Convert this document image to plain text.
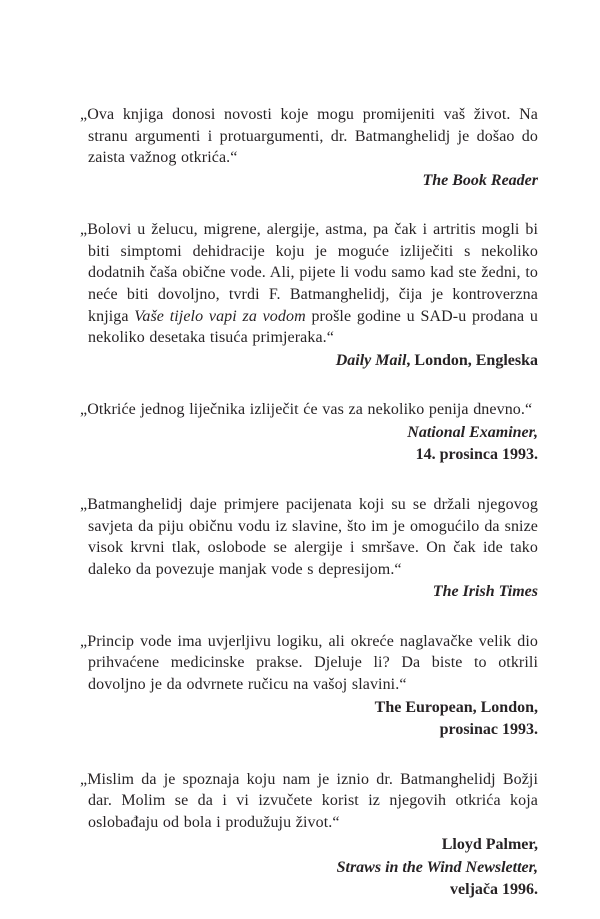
„Ova knjiga donosi novosti koje mogu promijeniti vaš život. Na stranu argumenti i protuargumenti, dr. Batmanghelidj je došao do zaista važnog otkrića.“

The Book Reader

„Bolovi u želucu, migrene, alergije, astma, pa čak i artritis mogli bi biti simptomi dehidracije koju je moguće izliječiti s nekoliko dodatnih čaša obične vode. Ali, pijete li vodu samo kad ste žedni, to neće biti dovoljno, tvrdi F. Batmanghelidj, čija je kontroverzna knjiga Vaše tijelo vapi za vodom prošle godine u SAD-u prodana u nekoliko desetaka tisuća primjeraka.“

Daily Mail, London, Engleska

„Otkriće jednog liječnika izliječit će vas za nekoliko penija dnevno.“

National Examiner,
14. prosinca 1993.

„Batmanghelidj daje primjere pacijenata koji su se držali njegovog savjeta da piju običnu vodu iz slavine, što im je omogućilo da snize visok krvni tlak, oslobode se alergije i smršave. On čak ide tako daleko da povezuje manjak vode s depresijom.“

The Irish Times

„Princip vode ima uvjerljivu logiku, ali okreće naglavačke velik dio prihvaćene medicinske prakse. Djeluje li? Da biste to otkrili dovoljno je da odvrnete ručicu na vašoj slavini.“

The European, London,
prosinac 1993.

„Mislim da je spoznaja koju nam je iznio dr. Batmanghelidj Božji dar. Molim se da i vi izvučete korist iz njegovih otkrića koja oslobađaju od bola i produžuju život.“

Lloyd Palmer,
Straws in the Wind Newsletter,
veljača 1996.
